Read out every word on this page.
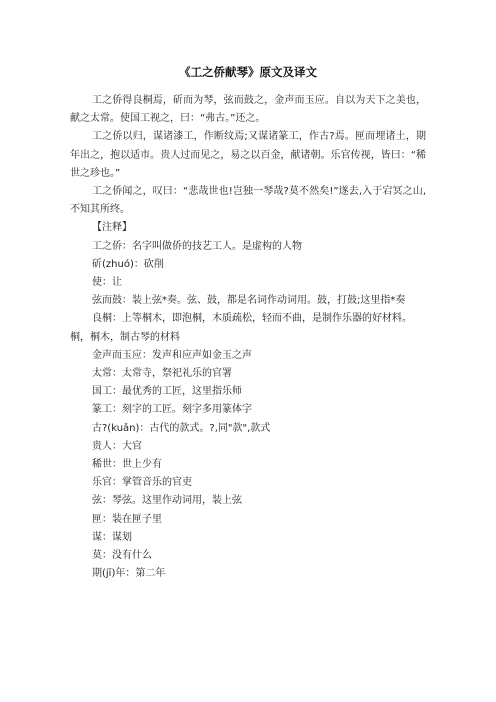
《工之侨献琴》原文及译文

工之侨得良桐焉，斫而为琴，弦而鼓之，金声而玉应。自以为天下之美也，献之太常。使国工视之，曰：“弗古。”还之。

工之侨以归，谋诸漆工，作断纹焉;又谋诸篆工，作古?焉。匣而埋诸土，期年出之，抱以适市。贵人过而见之，易之以百金，献诸朝。乐官传视，皆曰：“稀世之珍也。”

工之侨闻之，叹曰：“悲哉世也!岂独一琴哉?莫不然矣!”遂去,入于宕冥之山,不知其所终。

【注释】

工之侨：名字叫做侨的技艺工人。是虚构的人物

斫(zhuó)：砍削

使：让

弦而鼓：装上弦*奏。弦、鼓，都是名词作动词用。鼓，打鼓;这里指*奏

良桐：上等桐木，即泡桐，木质疏松，轻而不曲，是制作乐器的好材料。桐，桐木，制古琴的材料

金声而玉应：发声和应声如金玉之声

太常：太常寺，祭祀礼乐的官署

国工：最优秀的工匠，这里指乐师

篆工：刻字的工匠。刻字多用篆体字

古?(kuǎn)：古代的款式。?,同"款",款式

贵人：大官

稀世：世上少有

乐官：掌管音乐的官吏

弦：琴弦。这里作动词用，装上弦

匣：装在匣子里

谋：谋划

莫：没有什么

期(jī)年：第二年
